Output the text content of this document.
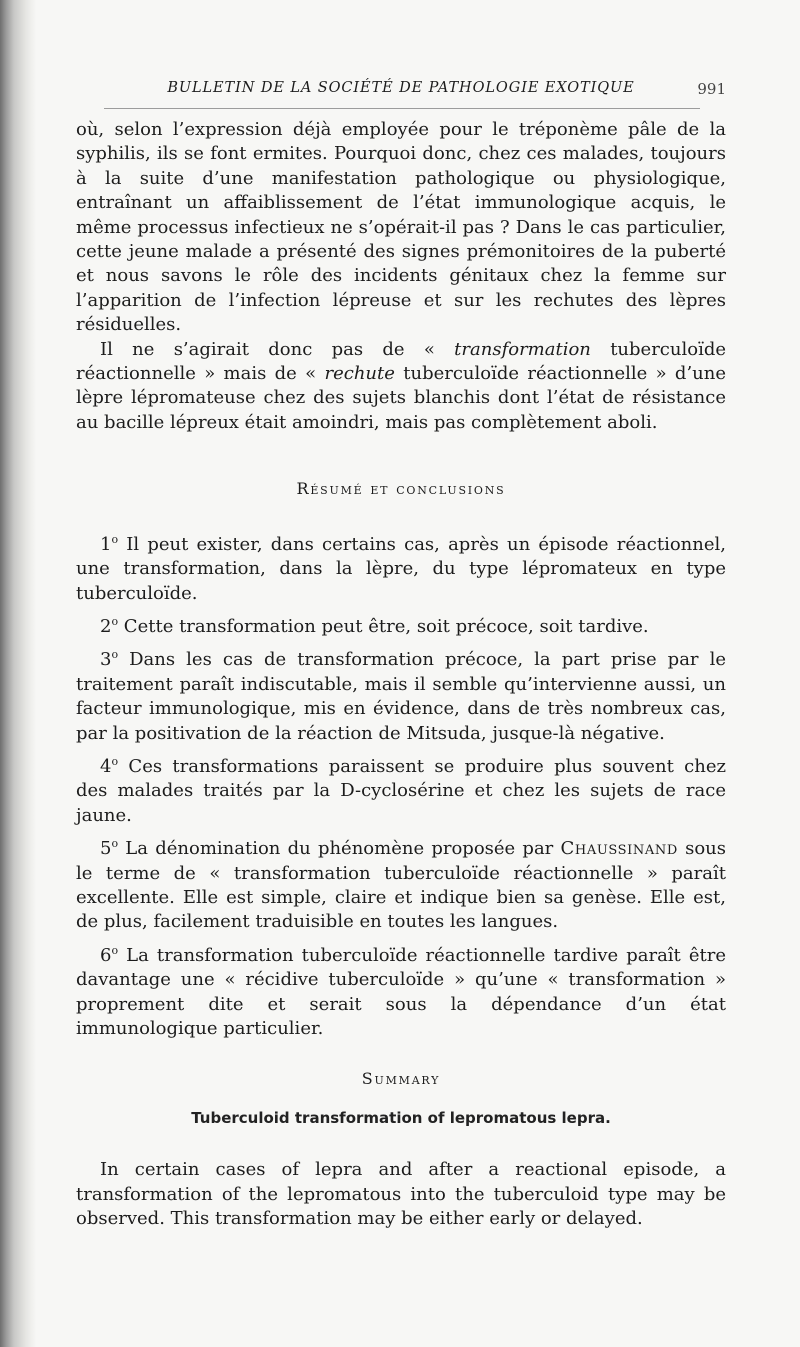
BULLETIN DE LA SOCIÉTÉ DE PATHOLOGIE EXOTIQUE	991

où, selon l’expression déjà employée pour le tréponème pâle de la syphilis, ils se font ermites. Pourquoi donc, chez ces malades, toujours à la suite d’une manifestation pathologique ou physiologique, entraînant un affaiblissement de l’état immunologique acquis, le même processus infectieux ne s’opérait-il pas ? Dans le cas particulier, cette jeune malade a présenté des signes prémonitoires de la puberté et nous savons le rôle des incidents génitaux chez la femme sur l’apparition de l’infection lépreuse et sur les rechutes des lèpres résiduelles.

Il ne s’agirait donc pas de « transformation tuberculoïde réactionnelle » mais de « rechute tuberculoïde réactionnelle » d’une lèpre lépromateuse chez des sujets blanchis dont l’état de résistance au bacille lépreux était amoindri, mais pas complètement aboli.

Résumé et conclusions

1$^o$ Il peut exister, dans certains cas, après un épisode réactionnel, une transformation, dans la lèpre, du type lépromateux en type tuberculoïde.

2$^o$ Cette transformation peut être, soit précoce, soit tardive.

3$^o$ Dans les cas de transformation précoce, la part prise par le traitement paraît indiscutable, mais il semble qu’intervienne aussi, un facteur immunologique, mis en évidence, dans de très nombreux cas, par la positivation de la réaction de Mitsuda, jusque-là négative.

4$^o$ Ces transformations paraissent se produire plus souvent chez des malades traités par la D-cyclosérine et chez les sujets de race jaune.

5$^o$ La dénomination du phénomène proposée par Chaussinand sous le terme de « transformation tuberculoïde réactionnelle » paraît excellente. Elle est simple, claire et indique bien sa genèse. Elle est, de plus, facilement traduisible en toutes les langues.

6$^o$ La transformation tuberculoïde réactionnelle tardive paraît être davantage une « récidive tuberculoïde » qu’une « transformation » proprement dite et serait sous la dépendance d’un état immunologique particulier.

Summary
Tuberculoid transformation of lepromatous lepra.

In certain cases of lepra and after a reactional episode, a transformation of the lepromatous into the tuberculoid type may be observed. This transformation may be either early or delayed.
